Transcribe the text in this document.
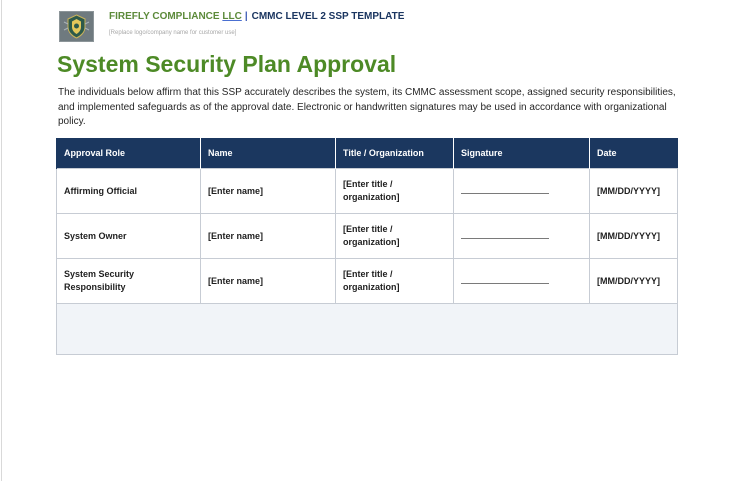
FIREFLY COMPLIANCE LLC | CMMC LEVEL 2 SSP TEMPLATE
[Replace logo/company name for customer use]
System Security Plan Approval

The individuals below affirm that this SSP accurately describes the system, its CMMC assessment scope, assigned security responsibilities, and implemented safeguards as of the approval date. Electronic or handwritten signatures may be used in accordance with organizational policy.

Approval Role	Name	Title / Organization	Signature	Date
Affirming Official	[Enter name]	[Enter title / organization]		[MM/DD/YYYY]
System Owner	[Enter name]	[Enter title / organization]		[MM/DD/YYYY]
System Security Responsibility	[Enter name]	[Enter title / organization]		[MM/DD/YYYY]
